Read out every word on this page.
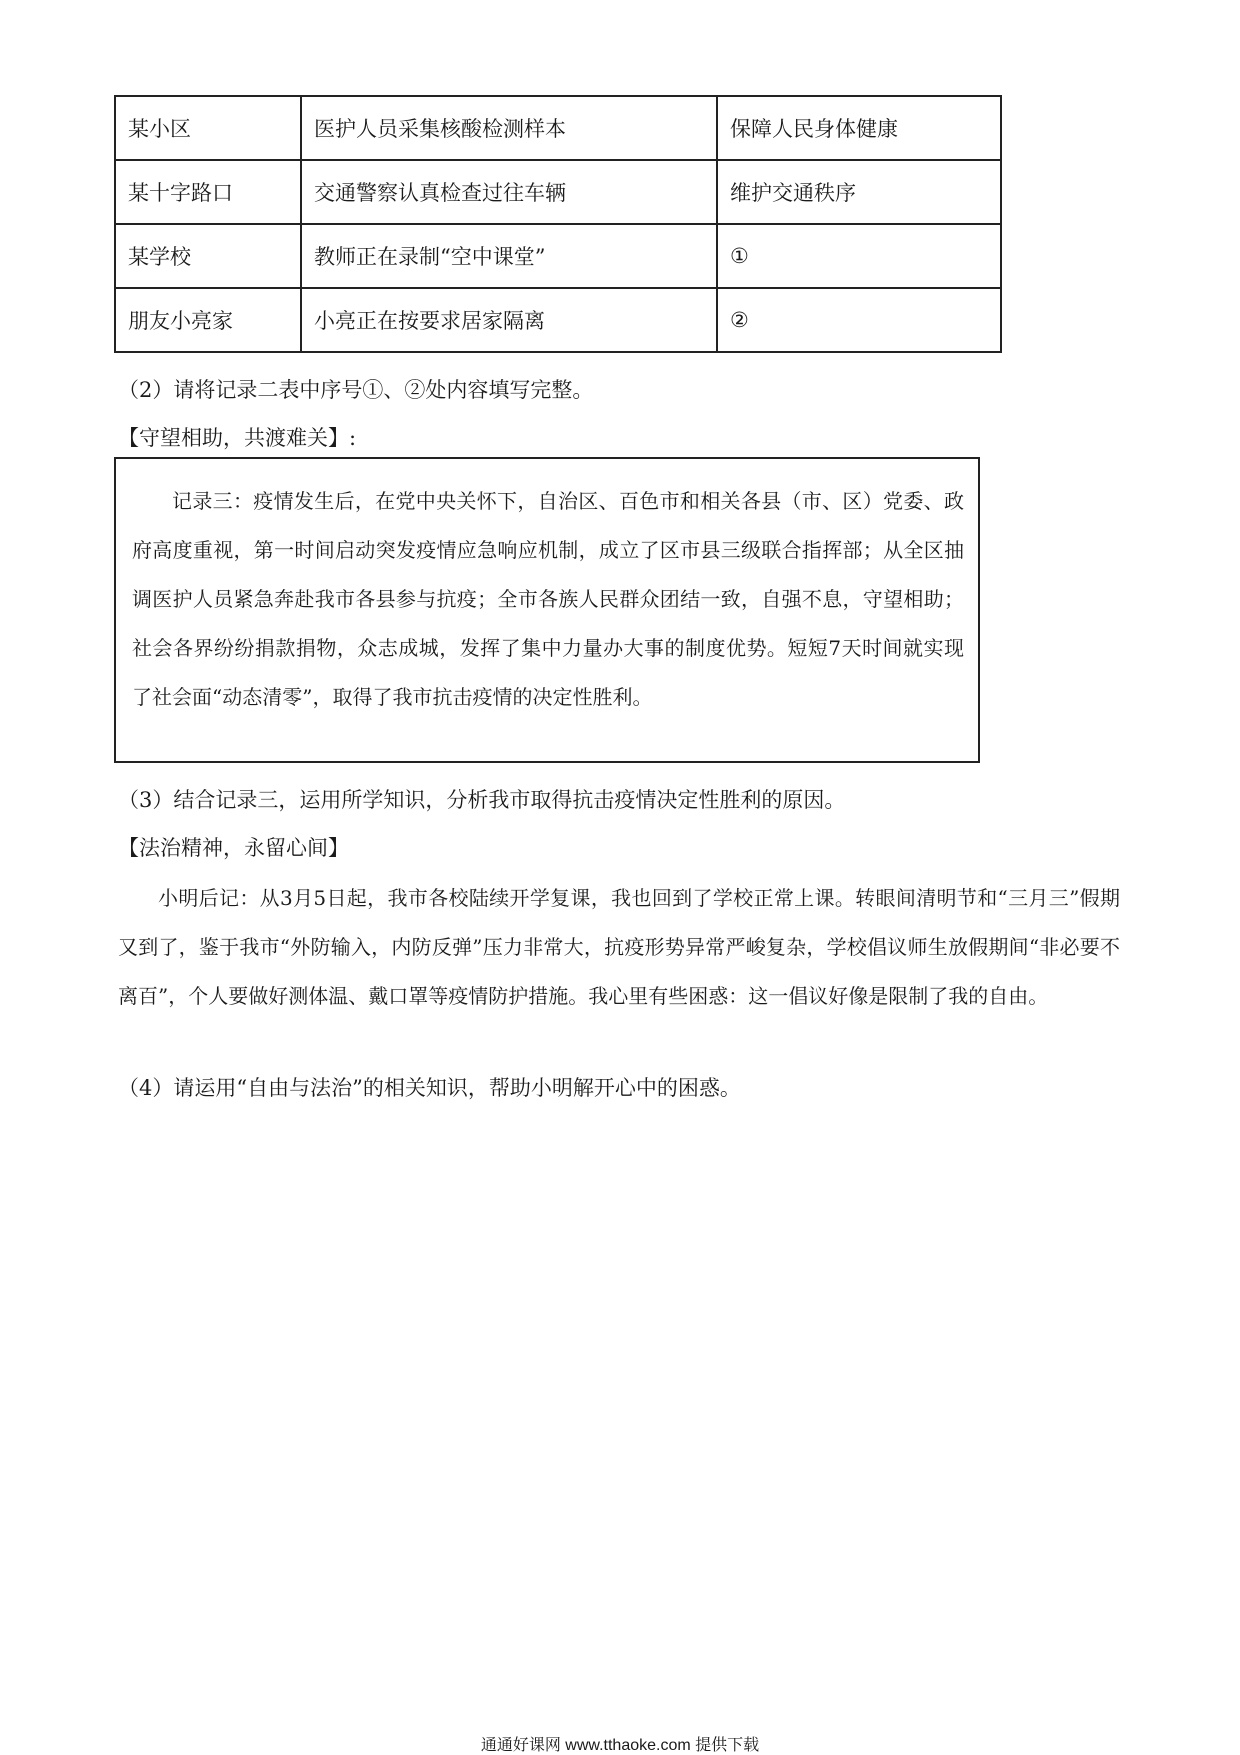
某小区	医护人员采集核酸检测样本	保障人民身体健康
某十字路口	交通警察认真检查过往车辆	维护交通秩序
某学校	教师正在录制“空中课堂”	①
朋友小亮家	小亮正在按要求居家隔离	②
（2）请将记录二表中序号①、②处内容填写完整。
【守望相助，共渡难关】:

记录三：疫情发生后，在党中央关怀下，自治区、百色市和相关各县（市、区）党委、政府高度重视，第一时间启动突发疫情应急响应机制，成立了区市县三级联合指挥部；从全区抽调医护人员紧急奔赴我市各县参与抗疫；全市各族人民群众团结一致，自强不息，守望相助；社会各界纷纷捐款捐物，众志成城，发挥了集中力量办大事的制度优势。短短7天时间就实现了社会面“动态清零”，取得了我市抗击疫情的决定性胜利。

（3）结合记录三，运用所学知识，分析我市取得抗击疫情决定性胜利的原因。
【法治精神，永留心间】

小明后记：从3月5日起，我市各校陆续开学复课，我也回到了学校正常上课。转眼间清明节和“三月三”假期又到了，鉴于我市“外防输入，内防反弹”压力非常大，抗疫形势异常严峻复杂，学校倡议师生放假期间“非必要不离百”，个人要做好测体温、戴口罩等疫情防护措施。我心里有些困惑：这一倡议好像是限制了我的自由。

（4）请运用“自由与法治”的相关知识，帮助小明解开心中的困惑。
通通好课网 www.tthaoke.com 提供下载
